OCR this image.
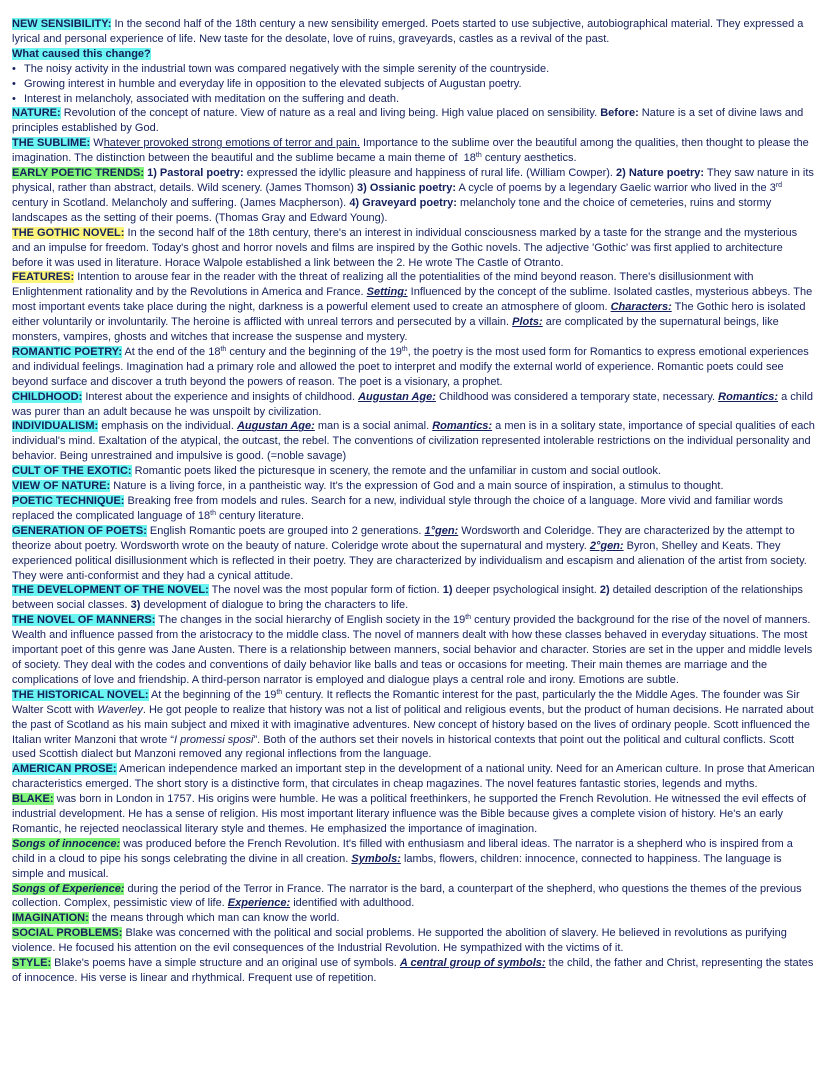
NEW SENSIBILITY: In the second half of the 18th century a new sensibility emerged. Poets started to use subjective, autobiographical material. They expressed a lyrical and personal experience of life. New taste for the desolate, love of ruins, graveyards, castles as a revival of the past.

What caused this change?

• The noisy activity in the industrial town was compared negatively with the simple serenity of the countryside.
• Growing interest in humble and everyday life in opposition to the elevated subjects of Augustan poetry.
• Interest in melancholy, associated with meditation on the suffering and death.

NATURE: Revolution of the concept of nature. View of nature as a real and living being. High value placed on sensibility. Before: Nature is a set of divine laws and principles established by God.

THE SUBLIME: Whatever provoked strong emotions of terror and pain. Importance to the sublime over the beautiful among the qualities, then thought to please the imagination. The distinction between the beautiful and the sublime became a main theme of  18th century aesthetics.

EARLY POETIC TRENDS: 1) Pastoral poetry: expressed the idyllic pleasure and happiness of rural life. (William Cowper). 2) Nature poetry: They saw nature in its physical, rather than abstract, details. Wild scenery. (James Thomson) 3) Ossianic poetry: A cycle of poems by a legendary Gaelic warrior who lived in the 3rd century in Scotland. Melancholy and suffering. (James Macpherson). 4) Graveyard poetry: melancholy tone and the choice of cemeteries, ruins and stormy landscapes as the setting of their poems. (Thomas Gray and Edward Young).

THE GOTHIC NOVEL: In the second half of the 18th century, there's an interest in individual consciousness marked by a taste for the strange and the mysterious and an impulse for freedom. Today's ghost and horror novels and films are inspired by the Gothic novels. The adjective 'Gothic' was first applied to architecture before it was used in literature. Horace Walpole established a link between the 2. He wrote The Castle of Otranto.

FEATURES: Intention to arouse fear in the reader with the threat of realizing all the potentialities of the mind beyond reason. There's disillusionment with Enlightenment rationality and by the Revolutions in America and France. Setting: Influenced by the concept of the sublime. Isolated castles, mysterious abbeys. The most important events take place during the night, darkness is a powerful element used to create an atmosphere of gloom. Characters: The Gothic hero is isolated either voluntarily or involuntarily. The heroine is afflicted with unreal terrors and persecuted by a villain. Plots: are complicated by the supernatural beings, like monsters, vampires, ghosts and witches that increase the suspense and mystery.

ROMANTIC POETRY: At the end of the 18th century and the beginning of the 19th, the poetry is the most used form for Romantics to express emotional experiences and individual feelings. Imagination had a primary role and allowed the poet to interpret and modify the external world of experience. Romantic poets could see beyond surface and discover a truth beyond the powers of reason. The poet is a visionary, a prophet.

CHILDHOOD: Interest about the experience and insights of childhood. Augustan Age: Childhood was considered a temporary state, necessary. Romantics: a child was purer than an adult because he was unspoilt by civilization.

INDIVIDUALISM: emphasis on the individual. Augustan Age: man is a social animal. Romantics: a men is in a solitary state, importance of special qualities of each individual's mind. Exaltation of the atypical, the outcast, the rebel. The conventions of civilization represented intolerable restrictions on the individual personality and behavior. Being unrestrained and impulsive is good. (=noble savage)

CULT OF THE EXOTIC: Romantic poets liked the picturesque in scenery, the remote and the unfamiliar in custom and social outlook.

VIEW OF NATURE: Nature is a living force, in a pantheistic way. It's the expression of God and a main source of inspiration, a stimulus to thought.

POETIC TECHNIQUE: Breaking free from models and rules. Search for a new, individual style through the choice of a language. More vivid and familiar words replaced the complicated language of 18th century literature.

GENERATION OF POETS: English Romantic poets are grouped into 2 generations. 1°gen: Wordsworth and Coleridge. They are characterized by the attempt to theorize about poetry. Wordsworth wrote on the beauty of nature. Coleridge wrote about the supernatural and mystery. 2°gen: Byron, Shelley and Keats. They experienced political disillusionment which is reflected in their poetry. They are characterized by individualism and escapism and alienation of the artist from society. They were anti-conformist and they had a cynical attitude.

THE DEVELOPMENT OF THE NOVEL: The novel was the most popular form of fiction. 1) deeper psychological insight. 2) detailed description of the relationships between social classes. 3) development of dialogue to bring the characters to life.

THE NOVEL OF MANNERS: The changes in the social hierarchy of English society in the 19th century provided the background for the rise of the novel of manners. Wealth and influence passed from the aristocracy to the middle class. The novel of manners dealt with how these classes behaved in everyday situations. The most important poet of this genre was Jane Austen. There is a relationship between manners, social behavior and character. Stories are set in the upper and middle levels of society. They deal with the codes and conventions of daily behavior like balls and teas or occasions for meeting. Their main themes are marriage and the complications of love and friendship. A third-person narrator is employed and dialogue plays a central role and irony. Emotions are subtle.

THE HISTORICAL NOVEL: At the beginning of the 19th century. It reflects the Romantic interest for the past, particularly the the Middle Ages. The founder was Sir Walter Scott with Waverley. He got people to realize that history was not a list of political and religious events, but the product of human decisions. He narrated about the past of Scotland as his main subject and mixed it with imaginative adventures. New concept of history based on the lives of ordinary people. Scott influenced the Italian writer Manzoni that wrote “I promessi sposi”. Both of the authors set their novels in historical contexts that point out the political and cultural conflicts. Scott used Scottish dialect but Manzoni removed any regional inflections from the language.

AMERICAN PROSE: American independence marked an important step in the development of a national unity. Need for an American culture. In prose that American characteristics emerged. The short story is a distinctive form, that circulates in cheap magazines. The novel features fantastic stories, legends and myths.

BLAKE: was born in London in 1757. His origins were humble. He was a political freethinkers, he supported the French Revolution. He witnessed the evil effects of industrial development. He has a sense of religion. His most important literary influence was the Bible because gives a complete vision of history. He's an early Romantic, he rejected neoclassical literary style and themes. He emphasized the importance of imagination.

Songs of innocence: was produced before the French Revolution. It's filled with enthusiasm and liberal ideas. The narrator is a shepherd who is inspired from a child in a cloud to pipe his songs celebrating the divine in all creation. Symbols: lambs, flowers, children: innocence, connected to happiness. The language is simple and musical.

Songs of Experience: during the period of the Terror in France. The narrator is the bard, a counterpart of the shepherd, who questions the themes of the previous collection. Complex, pessimistic view of life. Experience: identified with adulthood.

IMAGINATION: the means through which man can know the world.

SOCIAL PROBLEMS: Blake was concerned with the political and social problems. He supported the abolition of slavery. He believed in revolutions as purifying violence. He focused his attention on the evil consequences of the Industrial Revolution. He sympathized with the victims of it.

STYLE: Blake's poems have a simple structure and an original use of symbols. A central group of symbols: the child, the father and Christ, representing the states of innocence. His verse is linear and rhythmical. Frequent use of repetition.
